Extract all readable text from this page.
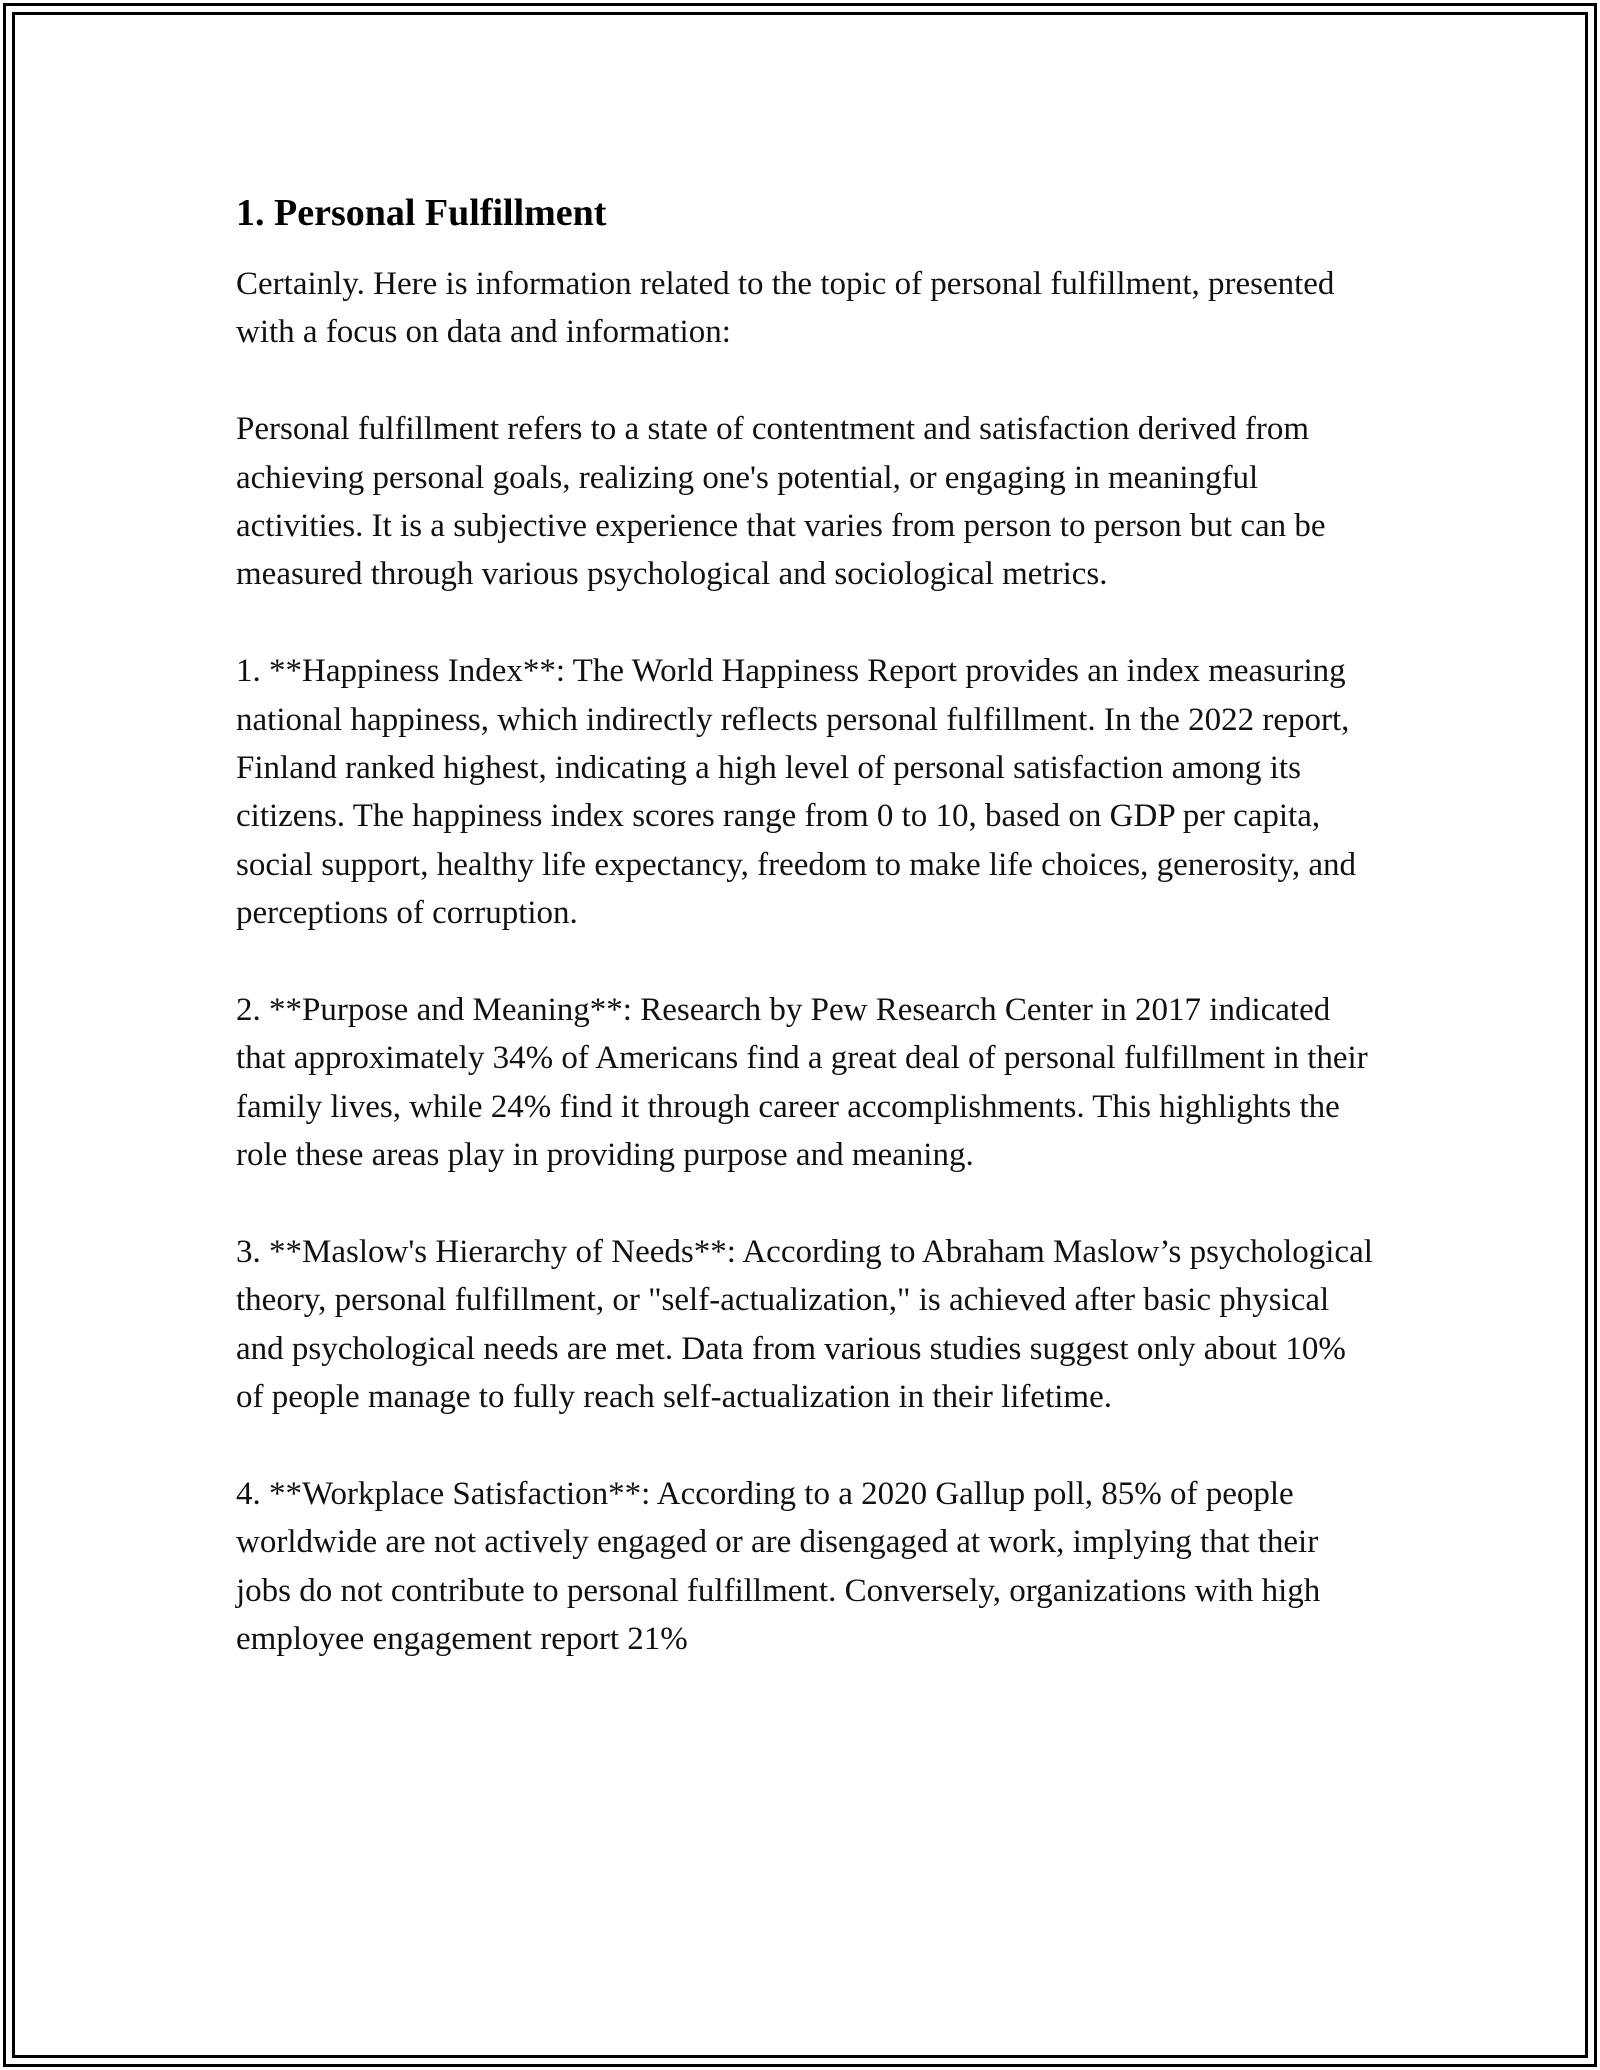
1. Personal Fulfillment

Certainly. Here is information related to the topic of personal fulfillment, presented with a focus on data and information:

Personal fulfillment refers to a state of contentment and satisfaction derived from achieving personal goals, realizing one's potential, or engaging in meaningful activities. It is a subjective experience that varies from person to person but can be measured through various psychological and sociological metrics.

1. **Happiness Index**: The World Happiness Report provides an index measuring national happiness, which indirectly reflects personal fulfillment. In the 2022 report, Finland ranked highest, indicating a high level of personal satisfaction among its citizens. The happiness index scores range from 0 to 10, based on GDP per capita, social support, healthy life expectancy, freedom to make life choices, generosity, and perceptions of corruption.

2. **Purpose and Meaning**: Research by Pew Research Center in 2017 indicated that approximately 34% of Americans find a great deal of personal fulfillment in their family lives, while 24% find it through career accomplishments. This highlights the role these areas play in providing purpose and meaning.

3. **Maslow's Hierarchy of Needs**: According to Abraham Maslow’s psychological theory, personal fulfillment, or "self-actualization," is achieved after basic physical and psychological needs are met. Data from various studies suggest only about 10% of people manage to fully reach self-actualization in their lifetime.

4. **Workplace Satisfaction**: According to a 2020 Gallup poll, 85% of people worldwide are not actively engaged or are disengaged at work, implying that their jobs do not contribute to personal fulfillment. Conversely, organizations with high employee engagement report 21%
